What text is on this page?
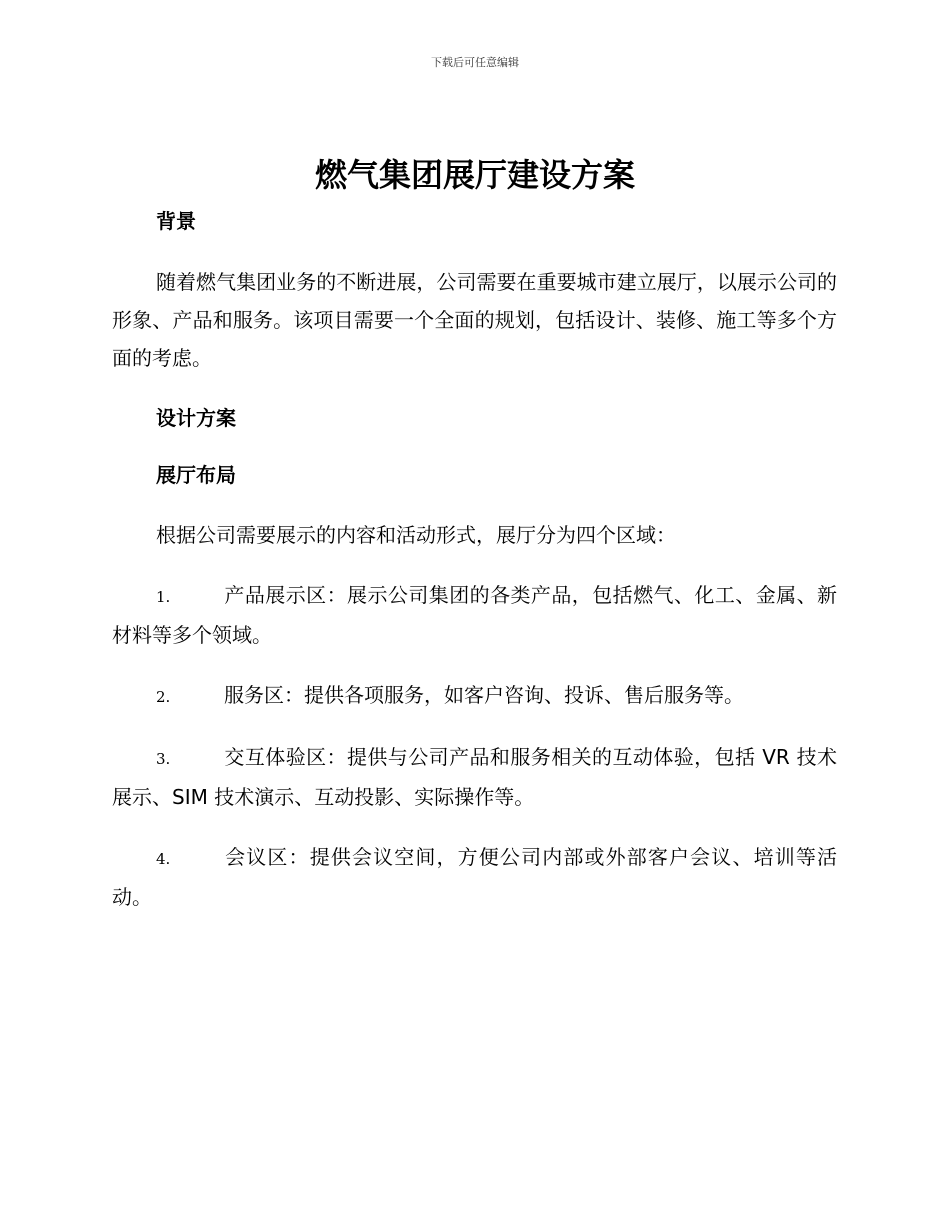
下载后可任意编辑
燃气集团展厅建设方案

背景

随着燃气集团业务的不断进展，公司需要在重要城市建立展厅，以展示公司的形象、产品和服务。该项目需要一个全面的规划，包括设计、装修、施工等多个方面的考虑。

设计方案

展厅布局

根据公司需要展示的内容和活动形式，展厅分为四个区域：

1.	产品展示区：展示公司集团的各类产品，包括燃气、化工、金属、新材料等多个领域。

2.	服务区：提供各项服务，如客户咨询、投诉、售后服务等。

3.	交互体验区：提供与公司产品和服务相关的互动体验，包括 VR 技术展示、SIM 技术演示、互动投影、实际操作等。

4.	会议区：提供会议空间，方便公司内部或外部客户会议、培训等活动。
